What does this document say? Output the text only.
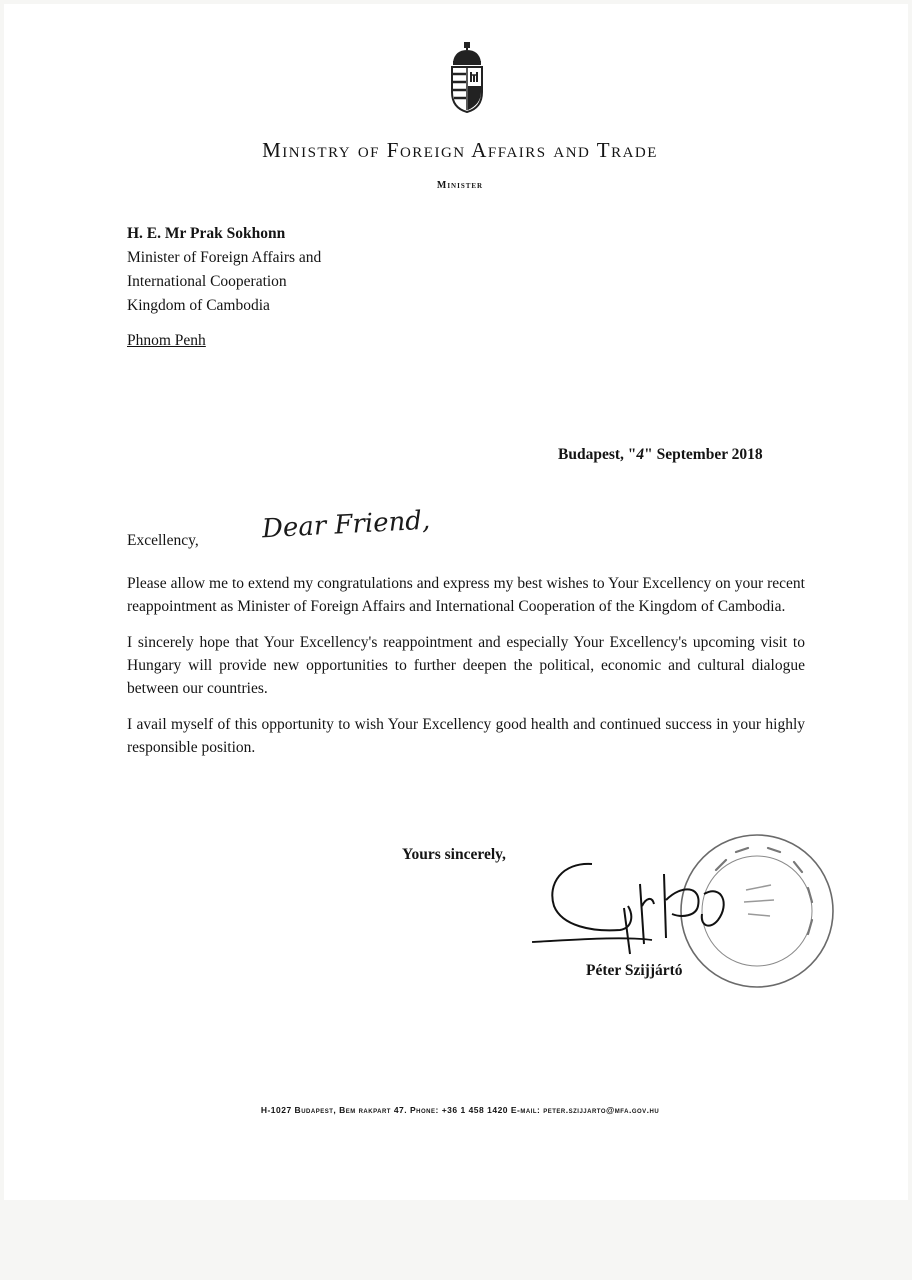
Ministry of Foreign Affairs and Trade
Minister
H. E. Mr Prak Sokhonn
Minister of Foreign Affairs and
International Cooperation
Kingdom of Cambodia
Phnom Penh
Budapest, "4" September 2018
Excellency, Dear Friend,

Please allow me to extend my congratulations and express my best wishes to Your Excellency on your recent reappointment as Minister of Foreign Affairs and International Cooperation of the Kingdom of Cambodia.

I sincerely hope that Your Excellency's reappointment and especially Your Excellency's upcoming visit to Hungary will provide new opportunities to further deepen the political, economic and cultural dialogue between our countries.

I avail myself of this opportunity to wish Your Excellency good health and continued success in your highly responsible position.

Yours sincerely,
Péter Szijjártó
H-1027 Budapest, Bem rakpart 47. Phone: +36 1 458 1420 E-mail: peter.szijjarto@mfa.gov.hu
